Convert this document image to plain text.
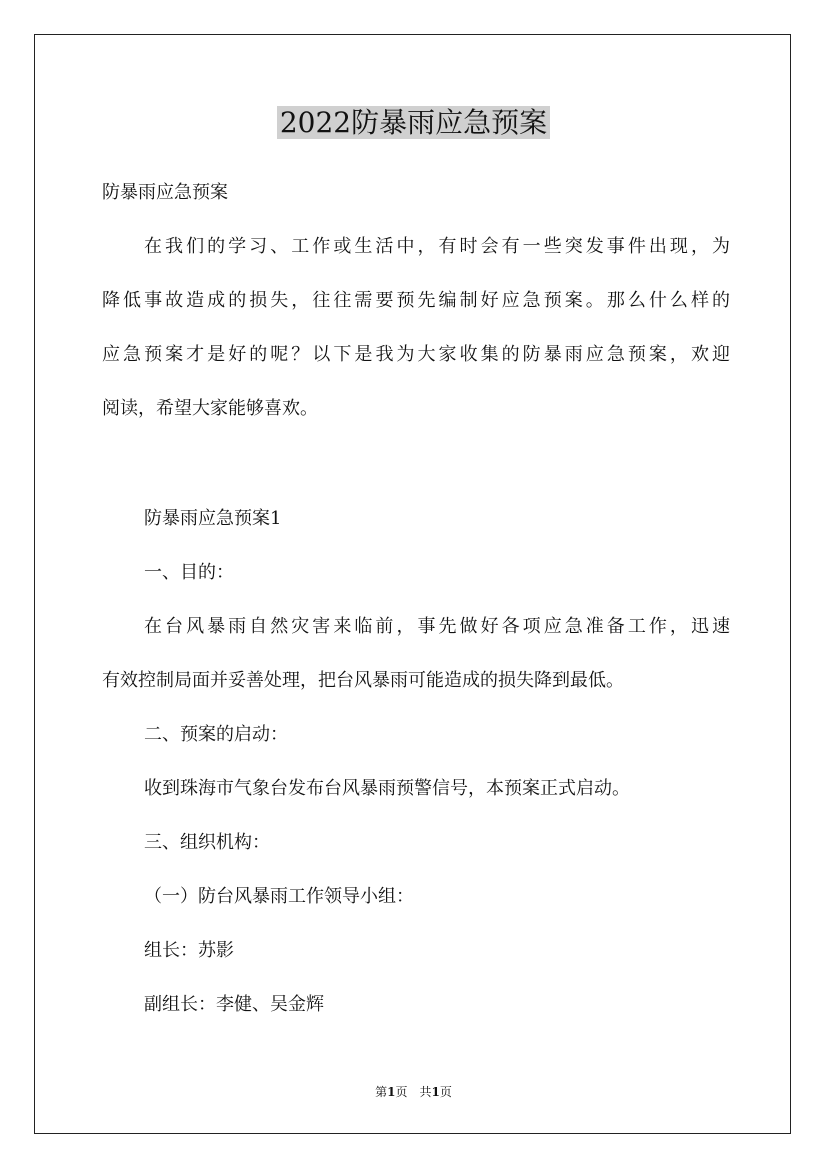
2022防暴雨应急预案
防暴雨应急预案
在我们的学习、工作或生活中，有时会有一些突发事件出现，为
降低事故造成的损失，往往需要预先编制好应急预案。那么什么样的
应急预案才是好的呢？以下是我为大家收集的防暴雨应急预案，欢迎
阅读，希望大家能够喜欢。
防暴雨应急预案1
一、目的：
在台风暴雨自然灾害来临前，事先做好各项应急准备工作，迅速
有效控制局面并妥善处理，把台风暴雨可能造成的损失降到最低。
二、预案的启动：
收到珠海市气象台发布台风暴雨预警信号，本预案正式启动。
三、组织机构：
（一）防台风暴雨工作领导小组：
组长：苏影
副组长：李健、吴金辉
第1页　共1页
